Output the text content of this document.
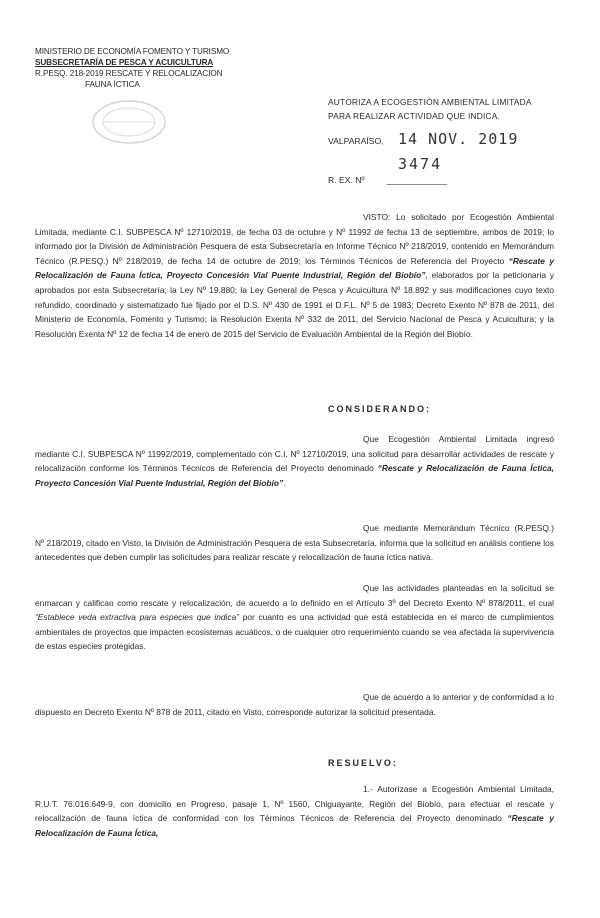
MINISTERIO DE ECONOMÍA FOMENTO Y TURISMO
SUBSECRETARÍA DE PESCA Y ACUICULTURA
R.PESQ. 218-2019 RESCATE Y RELOCALIZACION
FAUNA ÍCTICA
AUTORIZA A ECOGESTIÓN AMBIENTAL LIMITADA
PARA REALIZAR ACTIVIDAD QUE INDICA.
VALPARAÍSO, 14 NOV. 2019
3474
R. EX. Nº	______________
VISTO: Lo solicitado por Ecogestión Ambiental Limitada, mediante C.I. SUBPESCA Nº 12710/2019, de fecha 03 de octubre y Nº 11992 de fecha 13 de septiembre, ambos de 2019; lo informado por la División de Administración Pesquera de esta Subsecretaría en Informe Técnico Nº 218/2019, contenido en Memorándum Técnico (R.PESQ.) Nº 218/2019, de fecha 14 de octubre de 2019; los Términos Técnicos de Referencia del Proyecto “Rescate y Relocalización de Fauna Íctica, Proyecto Concesión Vial Puente Industrial, Región del Biobío”, elaborados por la peticionaria y aprobados por esta Subsecretaría; la Ley Nº 19.880; la Ley General de Pesca y Acuicultura Nº 18.892 y sus modificaciones cuyo texto refundido, coordinado y sistematizado fue fijado por el D.S. Nº 430 de 1991 el D.F.L. Nº 5 de 1983; Decreto Exento Nº 878 de 2011, del Ministerio de Economía, Fomento y Turismo; la Resolución Exenta Nº 332 de 2011, del Servicio Nacional de Pesca y Acuicultura; y la Resolución Exenta Nº 12 de fecha 14 de enero de 2015 del Servicio de Evaluación Ambiental de la Región del Biobío.
CONSIDERANDO:
Que Ecogestión Ambiental Limitada ingresó mediante C.I. SUBPESCA Nº 11992/2019, complementado con C.I. Nº 12710/2019, una solicitud para desarrollar actividades de rescate y relocalización conforme los Términos Técnicos de Referencia del Proyecto denominado “Rescate y Relocalización de Fauna Íctica, Proyecto Concesión Vial Puente Industrial, Región del Biobío”.
Que mediante Memorándum Técnico (R.PESQ.) Nº 218/2019, citado en Visto, la División de Administración Pesquera de esta Subsecretaría, informa que la solicitud en análisis contiene los antecedentes que deben cumplir las solicitudes para realizar rescate y relocalización de fauna íctica nativa.
Que las actividades planteadas en la solicitud se enmarcan y califican como rescate y relocalización, de acuerdo a lo definido en el Artículo 3º del Decreto Exento Nº 878/2011, el cual “Establece veda extractiva para especies que indica” por cuanto es una actividad que está establecida en el marco de cumplimientos ambientales de proyectos que impacten ecosistemas acuáticos, o de cualquier otro requerimiento cuando se vea afectada la supervivencia de estas especies protegidas.
Que de acuerdo a lo anterior y de conformidad a lo dispuesto en Decreto Exento Nº 878 de 2011, citado en Visto, corresponde autorizar la solicitud presentada.
RESUELVO:
1.- Autorízase a Ecogestión Ambiental Limitada, R.U.T. 76.016.649-9, con domicilio en Progreso, pasaje 1, Nº 1560, Chiguayante, Región del Biobío, para efectuar el rescate y relocalización de fauna íctica de conformidad con los Términos Técnicos de Referencia del Proyecto denominado “Rescate y Relocalización de Fauna Íctica,
